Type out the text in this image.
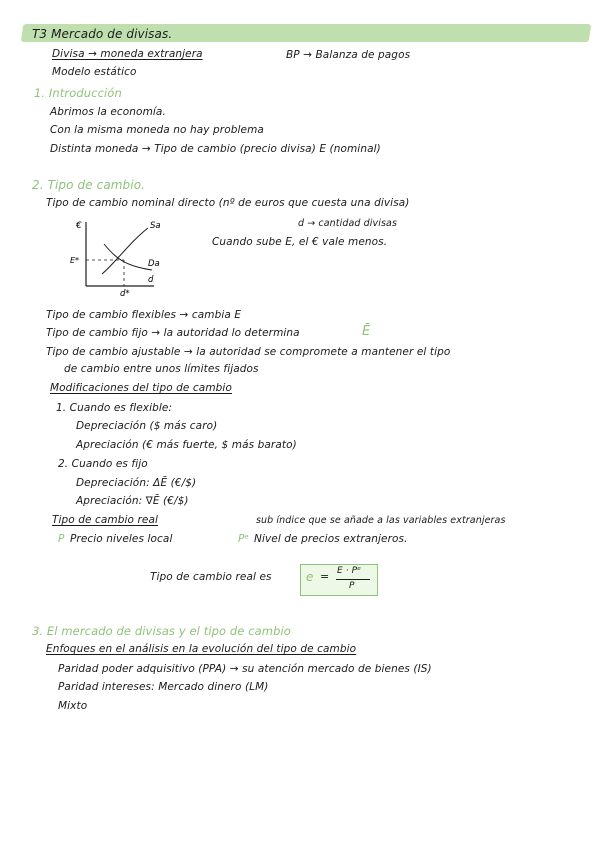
T3 Mercado de divisas.
Divisa → moneda extranjera	BP → Balanza de pagos
Modelo estático
1. Introducción
Abrimos la economía.
Con la misma moneda no hay problema
Distinta moneda → Tipo de cambio (precio divisa) E (nominal)
2. Tipo de cambio.
Tipo de cambio nominal directo (nº de euros que cuesta una divisa)
d → cantidad divisas
€
E*
Sa
Da
d
d*
Cuando sube E, el € vale menos.
Tipo de cambio flexibles → cambia E
Tipo de cambio fijo → la autoridad lo determina	Ē
Tipo de cambio ajustable → la autoridad se compromete a mantener el tipo
de cambio entre unos límites fijados
Modificaciones del tipo de cambio
1. Cuando es flexible:
Depreciación ($ más caro)
Apreciación (€ más fuerte, $ más barato)
2. Cuando es fijo
Depreciación: ΔĒ (€/$)
Apreciación: ∇Ē (€/$)
Tipo de cambio real	sub índice que se añade a las variables extranjeras
P Precio niveles local	Pᵉ Nivel de precios extranjeros.
Tipo de cambio real es	e = E · Pᵉ
P
3. El mercado de divisas y el tipo de cambio
Enfoques en el análisis en la evolución del tipo de cambio
Paridad poder adquisitivo (PPA) → su atención mercado de bienes (IS)
Paridad intereses: Mercado dinero (LM)
Mixto
